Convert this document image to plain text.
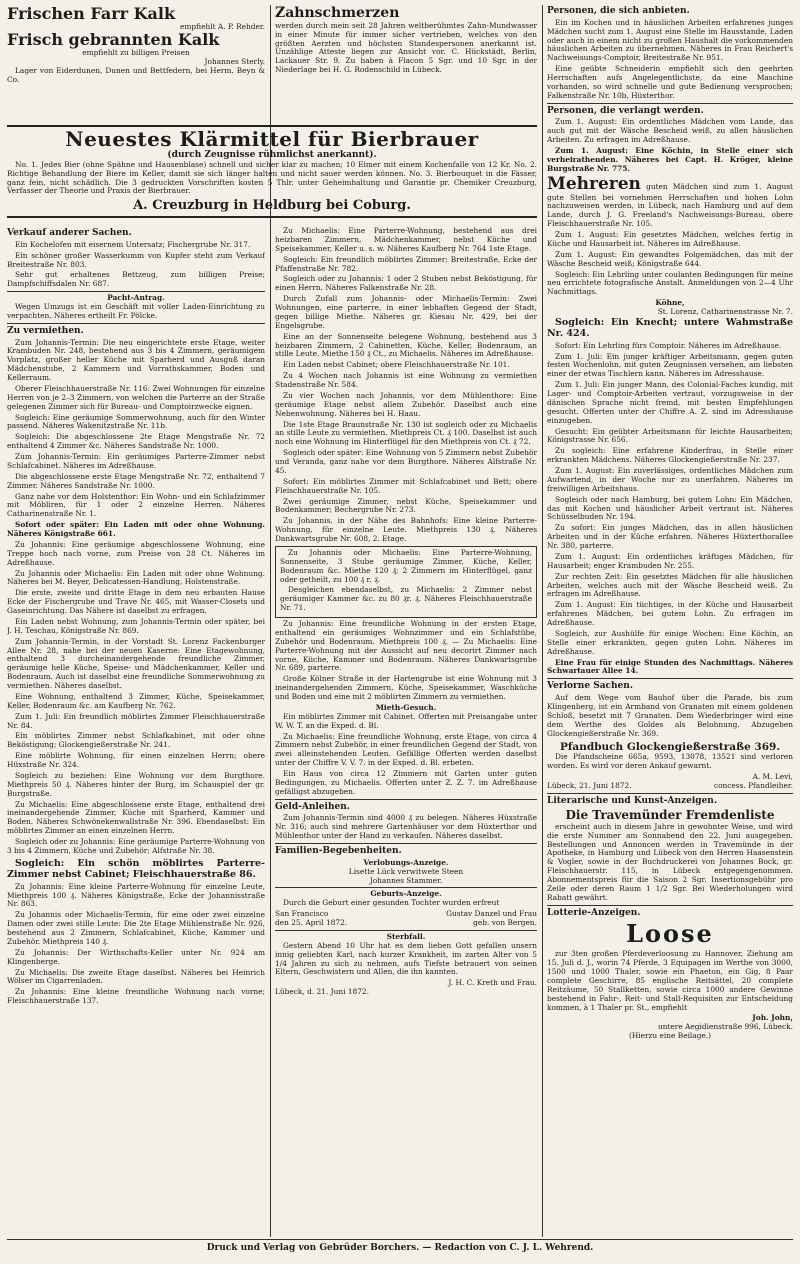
Frischen Farr Kalk
empfiehlt A. P. Rehder.
Frisch gebrannten Kalk
empfiehlt zu billigen Preisen
Johannes Sterly.

Lager von Eiderdunen, Dunen und Bettfedern, bei Herm. Beyn & Co.

Zahnschmerzen

werden durch mein seit 28 Jahren weltberühmtes Zahn-Mundwasser in einer Minute für immer sicher vertrieben, welches von den größten Aerzten und höchsten Standespersonen anerkannt ist. Unzählige Atteste liegen zur Ansicht vor. C. Hückstädt, Berlin, Lackauer Str. 9. Zu haben à Flacon 5 Sgr. und 10 Sgr. in der Niederlage bei H. G. Rodenschild in Lübeck.

Neuestes Klärmittel für Bierbrauer
(durch Zeugnisse rühmlichst anerkannt).

No. 1. Jedes Bier (ohne Spähne und Hausenblase) schnell und sicher klar zu machen; 10 Eimer mit einem Kochenfalle von 12 Kr. No. 2. Richtige Behandlung der Biere im Keller, damit sie sich länger halten und nicht sauer werden können. No. 3. Bierbouquet in die Fässer, ganz fein, nicht schädlich. Die 3 gedruckten Vorschriften kosten 5 Thlr. unter Geheimhaltung und Garantie pr. Chemiker Creuzburg, Verfasser der Theorie und Praxis der Bierbrauer.

A. Creuzburg in Heldburg bei Coburg.
Verkauf anderer Sachen.

Ein Kochelofen mit eisernem Untersatz; Fischergrube Nr. 317.

Ein schöner großer Wasserkumm von Kupfer steht zum Verkauf Breitestraße Nr. 803.

Sehr gut erhaltenes Bettzeug, zum billigen Preise; Dampfschiffsdalen Nr. 687.

Pacht-Antrag.

Wegen Umzugs ist ein Geschäft mit voller Laden-Einrichtung zu verpachten. Näheres ertheilt Fr. Pölcke.

Zu vermiethen.

Zum Johannis-Termin: Die neu eingerichtete erste Etage, weiter Krambuden Nr. 248, bestehend aus 3 bis 4 Zimmern, geräumigem Vorplatz, großer heller Küche mit Sparherd und Ausguß daran Mädchenstube, 2 Kammern und Vorrathskammer, Boden und Kellerraum.

Oberer Fleischhauerstraße Nr. 116: Zwei Wohnungen für einzelne Herren von je 2–3 Zimmern, von welchen die Parterre an der Straße gelegenen Zimmer sich für Bureau- und Comptoirzwecke eignen.

Sogleich: Eine geräumige Sommerwohnung, auch für den Winter passend. Näheres Wakenitzstraße Nr. 11b.

Sogleich: Die abgeschlossene 2te Etage Mengstraße Nr. 72 enthaltend 4 Zimmer &c. Näheres Sandstraße Nr. 1000.

Zum Johannis-Termin: Ein geräumiges Parterre-Zimmer nebst Schlafcabinet. Näheres im Adreßhause.

Die abgeschlossene erste Etage Mengstraße Nr. 72, enthaltend 7 Zimmer. Näheres Sandstraße Nr. 1000.

Ganz nahe vor dem Holstenthor: Ein Wohn- und ein Schlafzimmer mit Möbliren, für 1 oder 2 einzelne Herren. Näheres Catharinenstraße Nr. 1.

Sofort oder später: Ein Laden mit oder ohne Wohnung. Näheres Königstraße 661.

Zu Johannis: Eine geräumige abgeschlossene Wohnung, eine Treppe hoch nach vorne, zum Preise von 28 Ct. Näheres im Adreßhause.

Zu Johannis oder Michaelis: Ein Laden mit oder ohne Wohnung. Näheres bei M. Beyer, Delicatessen-Handlung, Holstenstraße.

Die erste, zweite und dritte Etage in dem neu erbauten Hause Ecke der Fischergrube und Trave Nr. 465, mit Wasser-Closets und Gaseinrichtung. Das Nähere ist daselbst zu erfragen.

Ein Laden nebst Wohnung, zum Johannis-Termin oder später, bei J. H. Teschau, Königstraße Nr. 869.

Zum Johannis-Termin, in der Vorstadt St. Lorenz Fackenburger Allee Nr. 28, nahe bei der neuen Kaserne: Eine Etagewohnung, enthaltend 3 durcheinandergehende freundliche Zimmer, geräumige helle Küche, Speise- und Mädchenkammer, Keller und Bodenraum. Auch ist daselbst eine freundliche Sommerwohnung zu vermiethen. Näheres daselbst.

Eine Wohnung, enthaltend 3 Zimmer, Küche, Speisekammer, Keller, Bodenraum &c. am Kaufberg Nr. 762.

Zum 1. Juli: Ein freundlich möblirtes Zimmer Fleischhauerstraße Nr. 84.

Ein möblirtes Zimmer nebst Schlafkabinet, mit oder ohne Beköstigung; Glockengießerstraße Nr. 241.

Eine möblirte Wohnung, für einen einzelnen Herrn; obere Hüxstraße Nr. 324.

Sogleich zu beziehen: Eine Wohnung vor dem Burgthore. Miethpreis 50 ₰. Näheres hinter der Burg, im Schauspiel der gr. Burgstraße.

Zu Michaelis: Eine abgeschlossene erste Etage, enthaltend drei ineinandergehende Zimmer, Küche mit Sparherd, Kammer und Boden. Näheres Schwönekenwallstraße Nr. 396. Ebendaselbst: Ein möblirtes Zimmer an einen einzelnen Herrn.

Sogleich oder zu Johannis: Eine geräumige Parterre-Wohnung von 3 bis 4 Zimmern, Küche und Zubehör; Alfstraße Nr. 38.

Sogleich: Ein schön möblirtes Parterre-Zimmer nebst Cabinet; Fleischhauerstraße 86.

Zu Johannis: Eine kleine Parterre-Wohnung für einzelne Leute, Miethpreis 100 ₰. Näheres Königstraße, Ecke der Johannisstraße Nr. 863.

Zu Johannis oder Michaelis-Termin, für eine oder zwei einzelne Damen oder zwei stille Leute: Die 2te Etage Mühlenstraße Nr. 926, bestehend aus 2 Zimmern, Schlafcabinet, Küche, Kammer und Zubehör. Miethpreis 140 ₰.

Zu Johannis: Der Wirthschafts-Keller unter Nr. 924 am Klingenberge.

Zu Michaelis: Die zweite Etage daselbst. Näheres bei Heinrich Wölser im Cigarrenladen.

Zu Johannis: Eine kleine freundliche Wohnung nach vorne; Fleischhauerstraße 137.

Zu Michaelis: Eine Parterre-Wohnung, bestehend aus drei heizbaren Zimmern, Mädchenkammer, nebst Küche und Speisekammer, Keller u. s. w. Näheres Kaufberg Nr. 764 1ste Etage.

Sogleich: Ein freundlich möblirtes Zimmer; Breitestraße, Ecke der Pfaffenstraße Nr. 782.

Sogleich oder zu Johannis: 1 oder 2 Stuben nebst Beköstigung, für einen Herrn. Näheres Falkenstraße Nr. 28.

Durch Zufall zum Johannis- oder Michaelis-Termin: Zwei Wohnungen, eine parterre, in einer lebhaften Gegend der Stadt, gegen billige Miethe. Näheres gr. Kiesau Nr. 429, bei der Engelsgrube.

Eine an der Sonnenseite belegene Wohnung, bestehend aus 3 heizbaren Zimmern, 2 Cabinetten, Küche, Keller, Bodenraum, an stille Leute. Miethe 150 ₰ Ct., zu Michaelis. Näheres im Adreßhause.

Ein Laden nebst Cabinet; obere Fleischhauerstraße Nr. 101.

Zu 4 Wochen nach Johannis ist eine Wohnung zu vermiethen Stadenstraße Nr. 584.

Zu vier Wochen nach Johannis, vor dem Mühlenthore: Eine geräumige Etage nebst allem Zubehör. Daselbst auch eine Nebenwohnung. Näheres bei H. Haau.

Die 1ste Etage Braunstraße Nr. 130 ist sogleich oder zu Michaelis an stille Leute zu vermiethen. Miethpreis Ct. ₰ 100. Daselbst ist auch noch eine Wohnung im Hinterflügel für den Miethpreis von Ct. ₰ 72.

Sogleich oder später: Eine Wohnung von 5 Zimmern nebst Zubehör und Veranda, ganz nahe vor dem Burgthore. Näheres Alfstraße Nr. 45.

Sofort: Ein möblirtes Zimmer mit Schlafcabinet und Bett; obere Fleischhauerstraße Nr. 105.

Zwei geräumige Zimmer, nebst Küche, Speisekammer und Bodenkammer; Bechergrube Nr. 273.

Zu Johannis, in der Nähe des Bahnhofs: Eine kleine Parterre-Wohnung, für einzelne Leute. Miethpreis 130 ₰. Näheres Dankwartsgrube Nr. 608, 2. Etage.

Zu Johannis oder Michaelis: Eine Parterre-Wohnung, Sonnenseite, 3 Stube geräumige Zimmer, Küche, Keller, Bodenraum &c. Miethe 120 ₰; 2 Zimmern im Hinterflügel, ganz oder getheilt, zu 100 ₰ r. ₰.

Desgleichen ebendaselbst, zu Michaelis: 2 Zimmer nebst geräumiger Kammer &c. zu 80 ₰r. ₰. Näheres Fleischhauerstraße Nr. 71.

Zu Johannis: Eine freundliche Wohnung in der ersten Etage, enthaltend ein geräumiges Wohnzimmer und ein Schlafstübe, Zubehör und Bodenraum. Miethpreis 100 ₰. — Zu Michaelis: Eine Parterre-Wohnung mit der Aussicht auf neu decorirt Zimmer nach vorne, Küche, Kammer und Bodenraum. Näheres Dankwartsgrube Nr. 689, parterre.

Große Kölner Straße in der Hartengrube ist eine Wohnung mit 3 ineinandergehenden Zimmern, Küche, Speisekammer, Waschküche und Boden und eine mit 2 möblirten Zimmern zu vermiethen.

Mieth-Gesuch.

Ein möblirtes Zimmer mit Cabinet. Offerten mit Preisangabe unter W. W. T. an die Exped. d. Bl.

Zu Michaelis: Eine freundliche Wohnung, erste Etage, von circa 4 Zimmern nebst Zubehör, in einer freundlichen Gegend der Stadt, von zwei alleinstehenden Leuten. Gefällige Offerten werden daselbst unter der Chiffre V. V. 7. in der Exped. d. Bl. erbeten.

Ein Haus von circa 12 Zimmern mit Garten unter guten Bedingungen, zu Michaelis. Offerten unter Z. Z. 7. im Adreßhause gefälligst abzugeben.

Geld-Anleihen.

Zum Johannis-Termin sind 4000 ₰ zu belegen. Näheres Hüxstraße Nr. 316; auch sind mehrere Gartenhäuser vor dem Hüxterthor und Mühlenthor unter der Hand zu verkaufen. Näheres daselbst.

Familien-Begebenheiten.
Verlobungs-Anzeige.
Lisette Lück verwitwete Steen
Johannes Stammer.
Geburts-Anzeige.

Durch die Geburt einer gesunden Tochter wurden erfreut

San Francisco	Gustav Danzel und Frau
den 25. April 1872.	geb. von Bergen.
Sterbfall.

Gestern Abend 10 Uhr hat es dem lieben Gott gefallen unsern innig geliebten Karl, nach kurzer Krankheit, im zarten Alter von 5 1/4 Jahren zu sich zu nehmen, aufs Tiefste betrauert von seinen Eltern, Geschwistern und Allen, die ihn kannten.

J. H. C. Kreth und Frau.
Lübeck, d. 21. Juni 1872.
Personen, die sich anbieten.

Ein im Kochen und in häuslichen Arbeiten erfahrenes junges Mädchen sucht zum 1. August eine Stelle im Hausstande, Laden oder auch in einem nicht zu großen Haushalt die vorkommenden häuslichen Arbeiten zu übernehmen. Näheres in Frau Reichert's Nachweisungs-Comptoir, Breitestraße Nr. 951.

Eine geübte Schneiderin empfiehlt sich den geehrten Herrschaften aufs Angelegentlichste, da eine Maschine vorhanden, so wird schnelle und gute Bedienung versprochen; Falkenstraße Nr. 10b, Hüxterthor.

Personen, die verlangt werden.

Zum 1. August: Ein ordentliches Mädchen vom Lande, das auch gut mit der Wäsche Bescheid weiß, zu allen häuslichen Arbeiten. Zu erfragen im Adreßhause.

Zum 1. August: Eine Köchin, in Stelle einer sich verheirathenden. Näheres bei Capt. H. Kröger, kleine Burgstraße Nr. 775.

Mehreren guten Mädchen sind zum 1. August gute Stellen bei vornehmen Herrschaften und hohen Lohn nachzuweisen werden, in Lübeck, nach Hamburg und auf dem Lande, durch J. G. Freeland's Nachweisungs-Bureau, obere Fleischhauerstraße Nr. 105.

Zum 1. August: Ein gesetztes Mädchen, welches fertig in Küche und Hausarbeit ist. Näheres im Adreßhause.

Zum 1. August: Ein gewandtes Folgemädchen, das mit der Wäsche Bescheid weiß; Königstraße 644.

Sogleich: Ein Lehrling unter coulanten Bedingungen für meine neu errichtete fotografische Anstalt. Anmeldungen von 2—4 Uhr Nachmittags.

Köhne,
St. Lorenz, Catharinenstrasse Nr. 7.

Sogleich: Ein Knecht; untere Wahmstraße Nr. 424.

Sofort: Ein Lehrling fürs Comptoir. Näheres im Adreßhause.

Zum 1. Juli: Ein junger kräftiger Arbeitsmann, gegen guten festen Wochenlohn, mit guten Zeugnissen versehen, am liebsten einer der etwas Tischlern kann. Näheres im Adresshause.

Zum 1. Juli: Ein junger Mann, des Colonial-Faches kundig, mit Lager- und Comptoir-Arbeiten vertraut, vorzugsweise in der dänischen Sprache nicht fremd, mit besten Empfehlungen gesucht. Offerten unter der Chiffre A. Z. sind im Adresshause einzugeben.

Gesucht: Ein geübter Arbeitsmann für leichte Hausarbeiten; Königstrasse Nr. 656.

Zu sogleich: Eine erfahrene Kinderfrau, in Stelle einer erkrankten Mädchens. Näheres Glockengießerstraße Nr. 237.

Zum 1. August: Ein zuverlässiges, ordentliches Mädchen zum Aufwartend, in der Woche nur zu unerfahren. Näheres im freiwilligen Arbeitshaus.

Sogleich oder nach Hamburg, bei gutem Lohn: Ein Mädchen, das mit Kochen und häuslicher Arbeit vertraut ist. Näheres Schüsselbuden Nr. 194.

Zu sofort: Ein junges Mädchen, das in allen häuslichen Arbeiten und in der Küche erfahren. Näheres Hüxterthorallee Nr. 380, parterre.

Zum 1. August: Ein ordentliches kräftiges Mädchen, für Hausarbeit; enger Krambuden Nr. 255.

Zur rechten Zeit: Ein gesetztes Mädchen für alle häuslichen Arbeiten, welches auch mit der Wäsche Bescheid weiß. Zu erfragen im Adreßhause.

Zum 1. August: Ein tüchtiges, in der Küche und Hausarbeit erfahrenes Mädchen, bei gutem Lohn. Zu erfragen im Adreßhause.

Sogleich, zur Aushülfe für einige Wochen: Eine Köchin, an Stelle einer erkrankten, gegen guten Lohn. Näheres im Adreßhause.

Eine Frau für einige Stunden des Nachmittags. Näheres Schwartauer Allee 14.

Verlorne Sachen.

Auf dem Wege vom Bauhof über die Parade, bis zum Klingenberg, ist ein Armband von Granaten mit einem goldenen Schloß, besetzt mit 7 Granaten. Dem Wiederbringer wird eine dem Werthe des Goldes als Belohnung. Abzugeben Glockengießerstraße Nr. 369.

Pfandbuch Glockengießerstraße 369.

Die Pfandscheine 665a, 9593, 13078, 13521 sind verloren worden. Es wird vor deren Ankauf gewarnt.

A. M. Levi,
Lübeck, 21. Juni 1872.	concess. Pfandleiher.
Literarische und Kunst-Anzeigen.
Die Travemünder Fremdenliste

erscheint auch in diesem Jahre in gewohnter Weise, und wird die erste Nummer am Sonnabend den 22. Juni ausgegeben. Bestellungen und Annoncen werden in Travemünde in der Apotheke, in Hamburg und Lübeck von den Herren Haasenstein & Vogler, sowie in der Buchdruckerei von Johannes Bock, gr. Fleischhauerstr. 115, in Lübeck entgegengenommen. Abonnementspreis für die Saison 2 Sgr. Insertionsgebühr pro Zeile oder deren Raum 1 1/2 Sgr. Bei Wiederholungen wird Rabatt gewährt.

Lotterie-Anzeigen.
Loose

zur 3ten großen Pferdeverloosung zu Hannover, Ziehung am 15. Juli d. J., worin 74 Pferde, 3 Equipagen im Werthe von 3000, 1500 und 1000 Thaler, sowie ein Phaeton, ein Gig, 8 Paar complete Geschirre, 85 englische Reitsättel, 20 complete Reitzäume, 50 Stallketten, sowie circa 1000 andere Gewinne bestehend in Fahr-, Reit- und Stall-Requisiten zur Entscheidung kommen, à 1 Thaler pr. St., empfiehlt

Joh. John,
untere Aegidienstraße 996, Lübeck.
(Hierzu eine Beilage.)
Druck und Verlag von Gebrüder Borchers. — Redaction von C. J. L. Wehrend.
